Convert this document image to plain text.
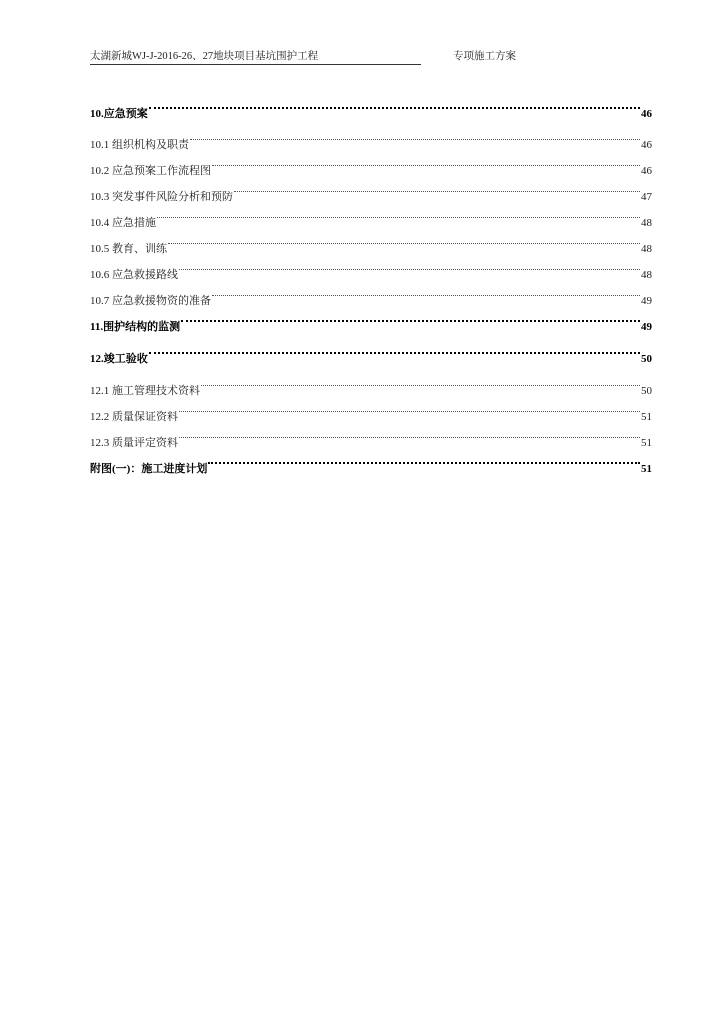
太湖新城WJ-J-2016-26、27地块项目基坑围护工程	专项施工方案
10.应急预案	46
10.1 组织机构及职责	46
10.2 应急预案工作流程图	46
10.3 突发事件风险分析和预防	47
10.4 应急措施	48
10.5 教育、训练	48
10.6 应急救援路线	48
10.7 应急救援物资的准备	49
11.围护结构的监测	49
12.竣工验收	50
12.1 施工管理技术资料	50
12.2 质量保证资料	51
12.3 质量评定资料	51
附图(一)：施工进度计划	51
